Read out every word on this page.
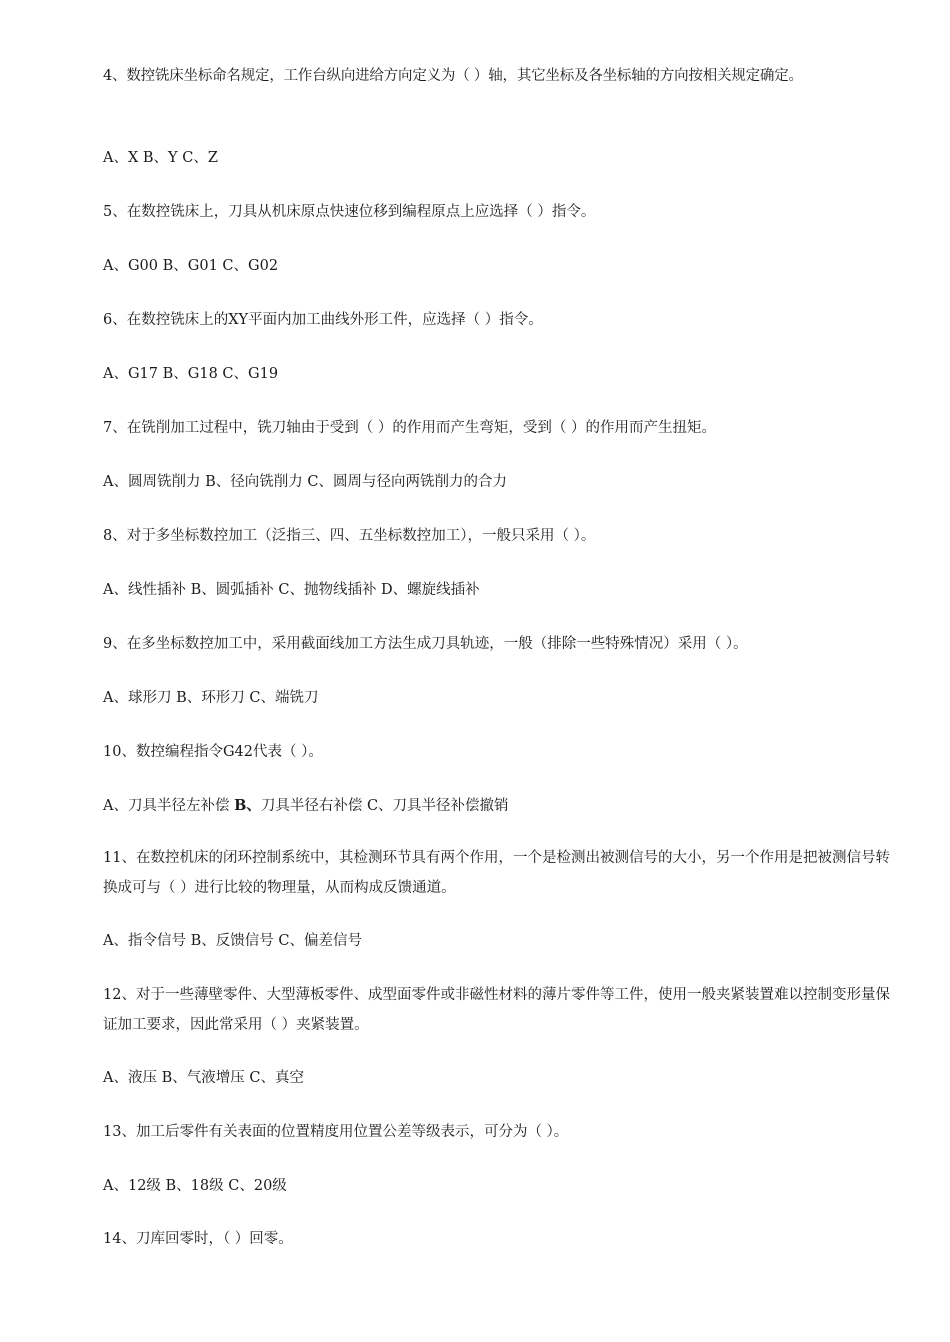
4、数控铣床坐标命名规定，工作台纵向进给方向定义为（ ）轴，其它坐标及各坐标轴的方向按相关规定确定。
A、X B、Y C、Z
5、在数控铣床上，刀具从机床原点快速位移到编程原点上应选择（ ）指令。
A、G00 B、G01 C、G02
6、在数控铣床上的XY平面内加工曲线外形工件，应选择（ ）指令。
A、G17 B、G18 C、G19
7、在铣削加工过程中，铣刀轴由于受到（ ）的作用而产生弯矩，受到（ ）的作用而产生扭矩。
A、圆周铣削力 B、径向铣削力 C、圆周与径向两铣削力的合力
8、对于多坐标数控加工（泛指三、四、五坐标数控加工），一般只采用（ ）。
A、线性插补 B、圆弧插补 C、抛物线插补 D、螺旋线插补
9、在多坐标数控加工中，采用截面线加工方法生成刀具轨迹，一般（排除一些特殊情况）采用（ ）。
A、球形刀 B、环形刀 C、端铣刀
10、数控编程指令G42代表（ ）。
A、刀具半径左补偿 B、刀具半径右补偿 C、刀具半径补偿撤销
11、在数控机床的闭环控制系统中，其检测环节具有两个作用，一个是检测出被测信号的大小，另一个作用是把被测信号转换成可与（ ）进行比较的物理量，从而构成反馈通道。
A、指令信号 B、反馈信号 C、偏差信号
12、对于一些薄壁零件、大型薄板零件、成型面零件或非磁性材料的薄片零件等工件，使用一般夹紧装置难以控制变形量保证加工要求，因此常采用（ ）夹紧装置。
A、液压 B、气液增压 C、真空
13、加工后零件有关表面的位置精度用位置公差等级表示，可分为（ ）。
A、12级 B、18级 C、20级
14、刀库回零时，（ ）回零。
